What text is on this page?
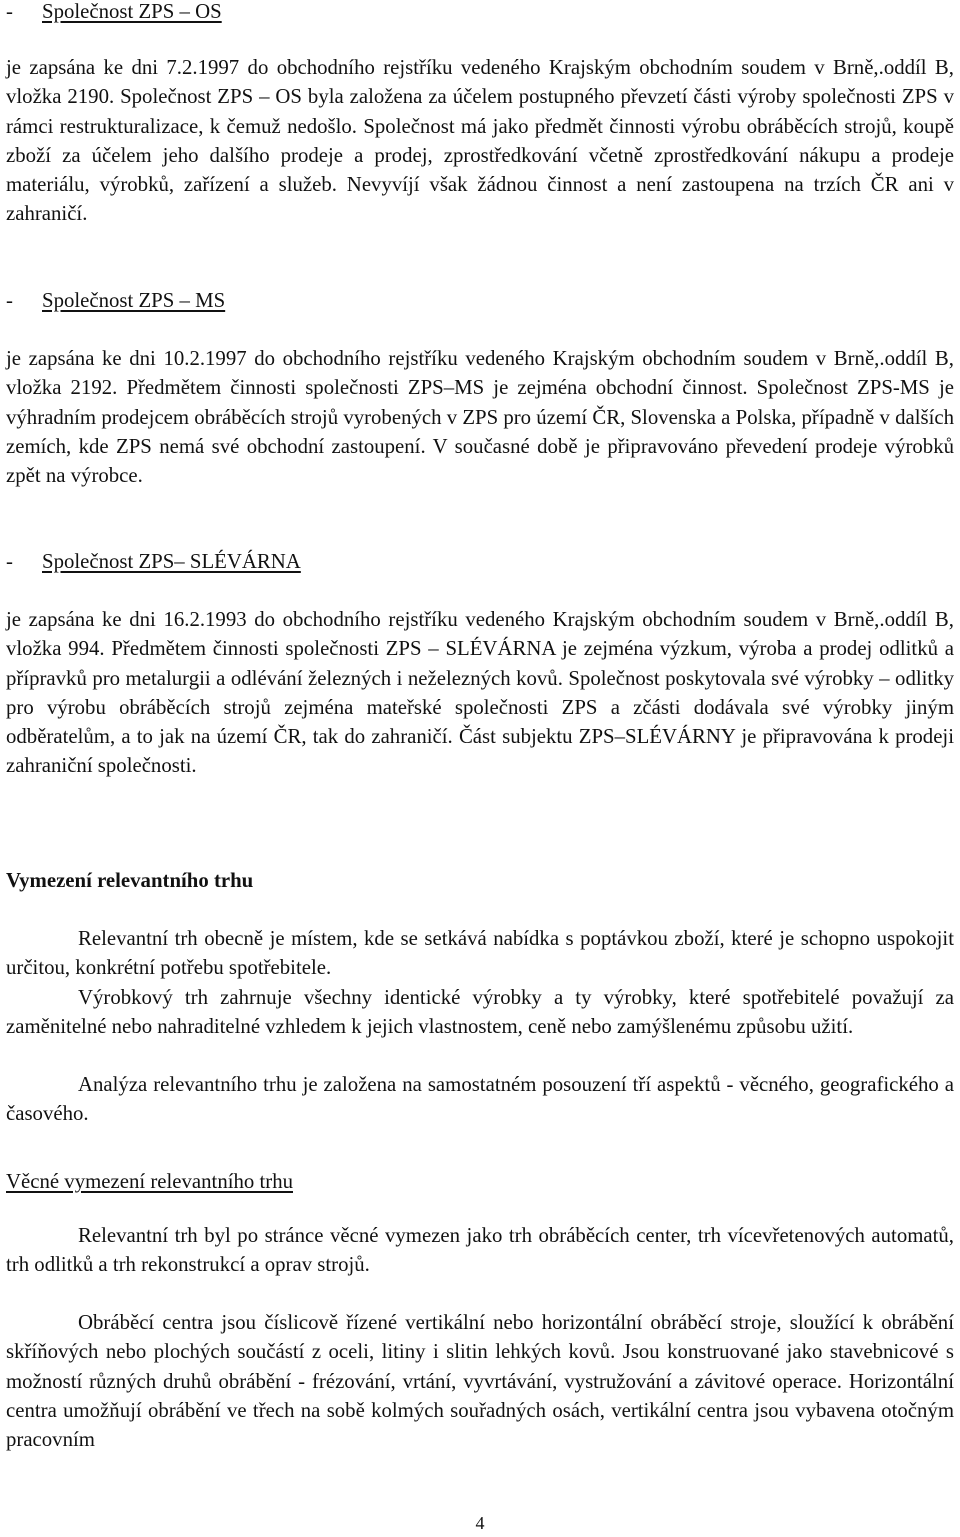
- Společnost ZPS – OS
je zapsána ke dni 7.2.1997 do obchodního rejstříku vedeného Krajským obchodním soudem v Brně,.oddíl B, vložka 2190. Společnost ZPS – OS byla založena za účelem postupného převzetí části výroby společnosti ZPS v rámci restrukturalizace, k čemuž nedošlo. Společnost má jako předmět činnosti výrobu obráběcích strojů, koupě zboží za účelem jeho dalšího prodeje a prodej, zprostředkování včetně zprostředkování nákupu a prodeje materiálu, výrobků, zařízení a služeb. Nevyvíjí však žádnou činnost a není zastoupena na trzích ČR ani v zahraničí.
- Společnost ZPS – MS
je zapsána ke dni 10.2.1997 do obchodního rejstříku vedeného Krajským obchodním soudem v Brně,.oddíl B, vložka 2192. Předmětem činnosti společnosti ZPS–MS je zejména obchodní činnost. Společnost ZPS-MS je výhradním prodejcem obráběcích strojů vyrobených v ZPS pro území ČR, Slovenska a Polska, případně v dalších zemích, kde ZPS nemá své obchodní zastoupení. V současné době je připravováno převedení prodeje výrobků zpět na výrobce.
- Společnost ZPS– SLÉVÁRNA
je zapsána ke dni 16.2.1993 do obchodního rejstříku vedeného Krajským obchodním soudem v Brně,.oddíl B, vložka 994. Předmětem činnosti společnosti ZPS – SLÉVÁRNA je zejména výzkum, výroba a prodej odlitků a přípravků pro metalurgii a odlévání železných i neželezných kovů. Společnost poskytovala své výrobky – odlitky pro výrobu obráběcích strojů zejména mateřské společnosti ZPS a zčásti dodávala své výrobky jiným odběratelům, a to jak na území ČR, tak do zahraničí. Část subjektu ZPS–SLÉVÁRNY je připravována k prodeji zahraniční společnosti.
Vymezení relevantního trhu
Relevantní trh obecně je místem, kde se setkává nabídka s poptávkou zboží, které je schopno uspokojit určitou, konkrétní potřebu spotřebitele.
Výrobkový trh zahrnuje všechny identické výrobky a ty výrobky, které spotřebitelé považují za zaměnitelné nebo nahraditelné vzhledem k jejich vlastnostem, ceně nebo zamýšlenému způsobu užití.
Analýza relevantního trhu je založena na samostatném posouzení tří aspektů - věcného, geografického a časového.
Věcné vymezení relevantního trhu
Relevantní trh byl po stránce věcné vymezen jako trh obráběcích center, trh vícevřetenových automatů, trh odlitků a trh rekonstrukcí a oprav strojů.
Obráběcí centra jsou číslicově řízené vertikální nebo horizontální obráběcí stroje, sloužící k obrábění skříňových nebo plochých součástí z oceli, litiny i slitin lehkých kovů. Jsou konstruované jako stavebnicové s možností různých druhů obrábění - frézování, vrtání, vyvrtávání, vystružování a závitové operace. Horizontální centra umožňují obrábění ve třech na sobě kolmých souřadných osách, vertikální centra jsou vybavena otočným pracovním
4
